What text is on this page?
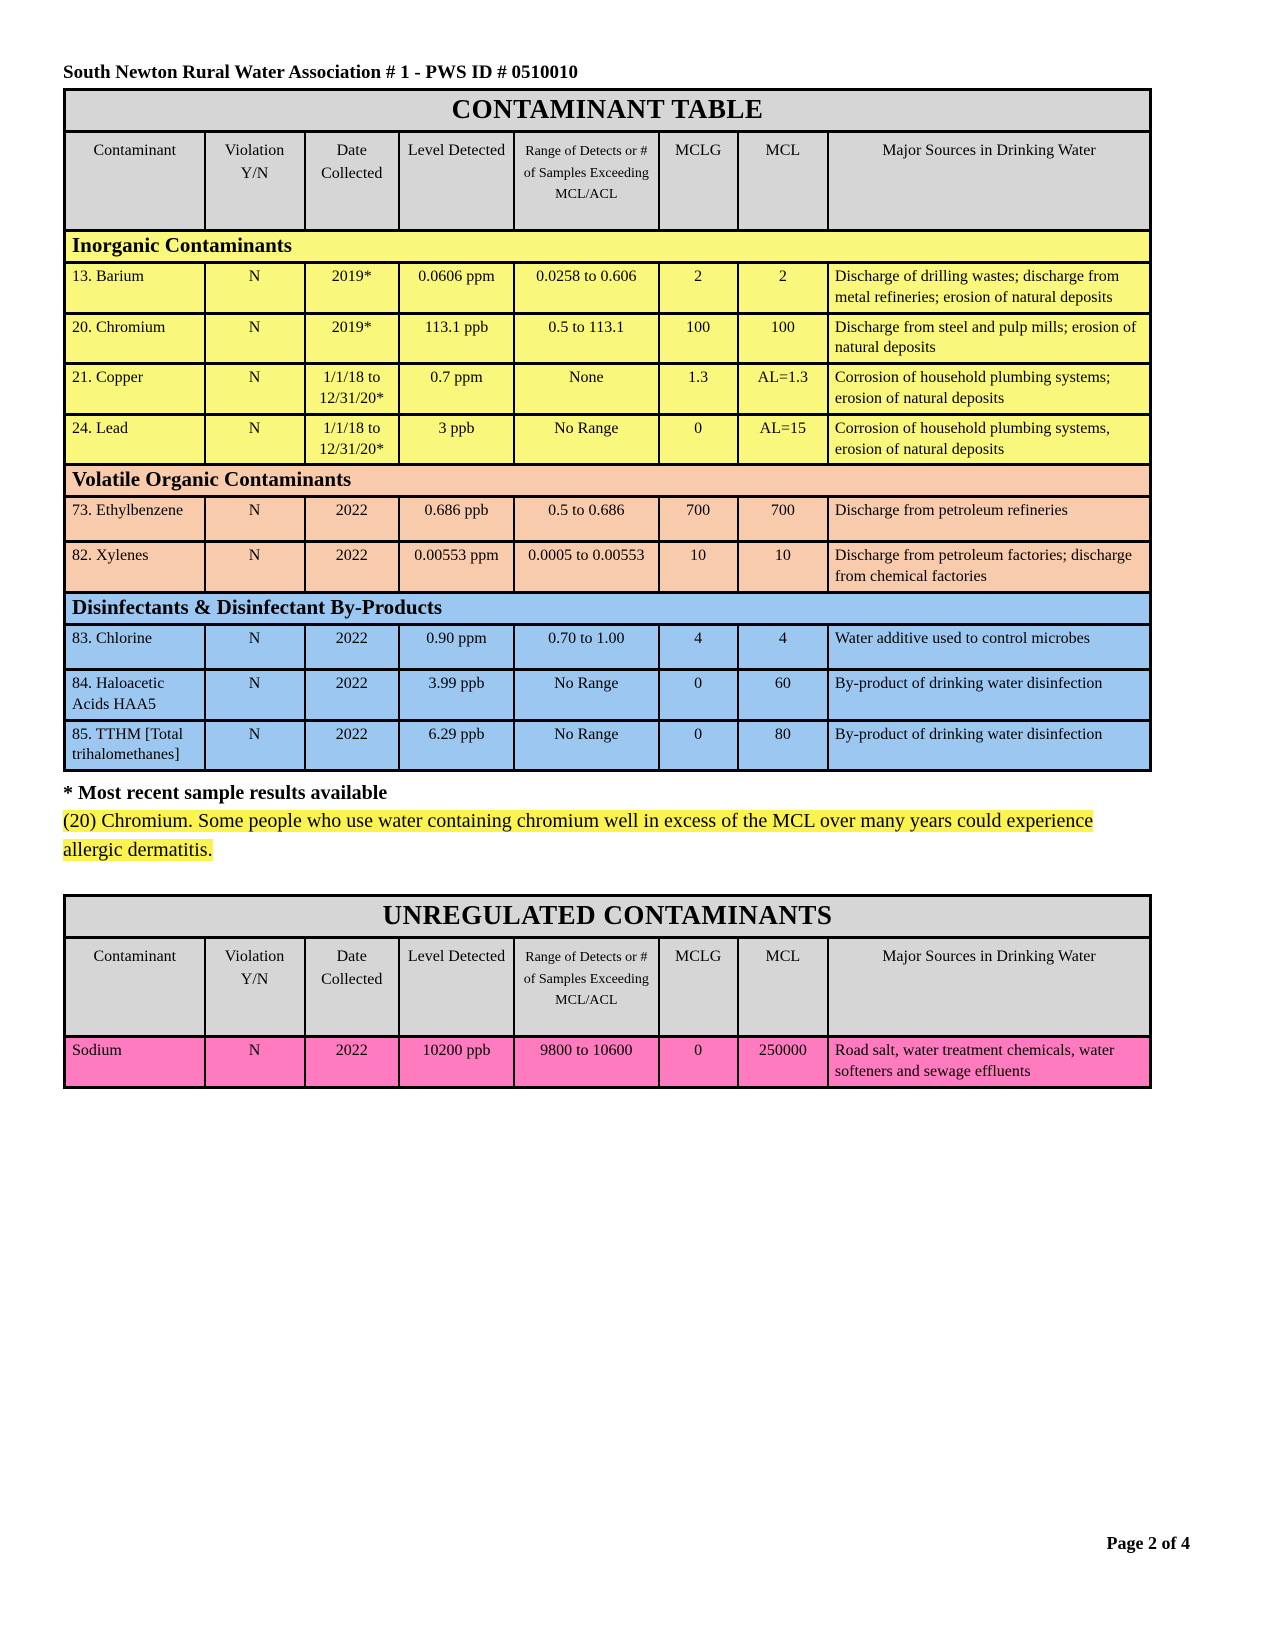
South Newton Rural Water Association # 1 - PWS ID # 0510010
CONTAMINANT TABLE							
Contaminant	Violation Y/N	Date Collected	Level Detected	Range of Detects or # of Samples Exceeding MCL/ACL	MCLG	MCL	Major Sources in Drinking Water
Inorganic Contaminants							
13. Barium	N	2019*	0.0606 ppm	0.0258 to 0.606	2	2	Discharge of drilling wastes; discharge from metal refineries; erosion of natural deposits
20. Chromium	N	2019*	113.1 ppb	0.5 to 113.1	100	100	Discharge from steel and pulp mills; erosion of natural deposits
21. Copper	N	1/1/18 to 12/31/20*	0.7 ppm	None	1.3	AL=1.3	Corrosion of household plumbing systems; erosion of natural deposits
24. Lead	N	1/1/18 to 12/31/20*	3 ppb	No Range	0	AL=15	Corrosion of household plumbing systems, erosion of natural deposits
Volatile Organic Contaminants							
73. Ethylbenzene	N	2022	0.686 ppb	0.5 to 0.686	700	700	Discharge from petroleum refineries
82. Xylenes	N	2022	0.00553 ppm	0.0005 to 0.00553	10	10	Discharge from petroleum factories; discharge from chemical factories
Disinfectants & Disinfectant By-Products							
83. Chlorine	N	2022	0.90 ppm	0.70 to 1.00	4	4	Water additive used to control microbes
84. Haloacetic Acids HAA5	N	2022	3.99 ppb	No Range	0	60	By-product of drinking water disinfection
85. TTHM [Total trihalomethanes]	N	2022	6.29 ppb	No Range	0	80	By-product of drinking water disinfection

* Most recent sample results available

(20) Chromium. Some people who use water containing chromium well in excess of the MCL over many years could experience allergic dermatitis.

UNREGULATED CONTAMINANTS							
Contaminant	Violation Y/N	Date Collected	Level Detected	Range of Detects or # of Samples Exceeding MCL/ACL	MCLG	MCL	Major Sources in Drinking Water
Sodium	N	2022	10200 ppb	9800 to 10600	0	250000	Road salt, water treatment chemicals, water softeners and sewage effluents
Page 2 of 4
